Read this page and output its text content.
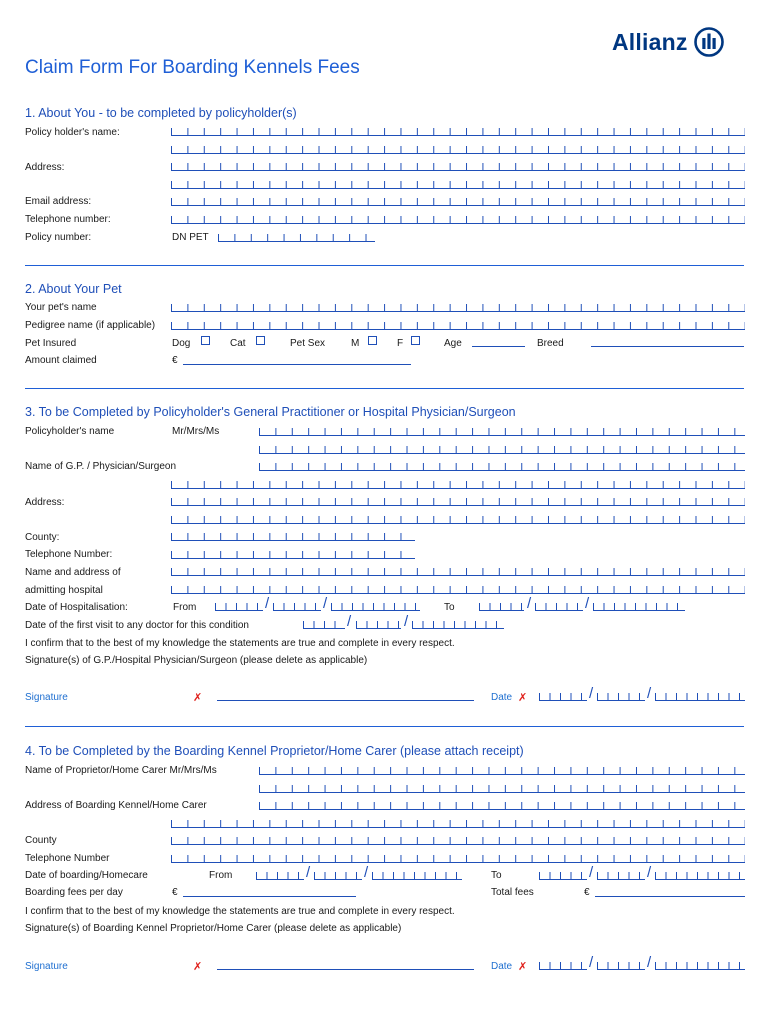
Allianz
Claim Form For Boarding Kennels Fees
1. About You - to be completed by policyholder(s)
Policy holder's name:
Address:
Email address:
Telephone number:
Policy number:	DN PET
2. About Your Pet
Your pet's name
Pedigree name (if applicable)
Pet Insured	Dog	Cat	Pet Sex	M	F	Age	Breed
Amount claimed	€
3. To be Completed by Policyholder's General Practitioner or Hospital Physician/Surgeon
Policyholder's name	Mr/Mrs/Ms
Name of G.P. / Physician/Surgeon
Address:
County:
Telephone Number:
Name and address of
admitting hospital
Date of Hospitalisation:	From	/	/	To	/	/
Date of the first visit to any doctor for this condition	/	/
I confirm that to the best of my knowledge the statements are true and complete in every respect.
Signature(s) of G.P./Hospital Physician/Surgeon (please delete as applicable)
Signature	✗	Date ✗	/	/
4. To be Completed by the Boarding Kennel Proprietor/Home Carer (please attach receipt)
Name of Proprietor/Home Carer Mr/Mrs/Ms
Address of Boarding Kennel/Home Carer
County
Telephone Number
Date of boarding/Homecare	From	/	/	To	/	/
Boarding fees per day	€	Total fees	€
I confirm that to the best of my knowledge the statements are true and complete in every respect.
Signature(s) of Boarding Kennel Proprietor/Home Carer (please delete as applicable)
Signature	✗	Date ✗	/	/
